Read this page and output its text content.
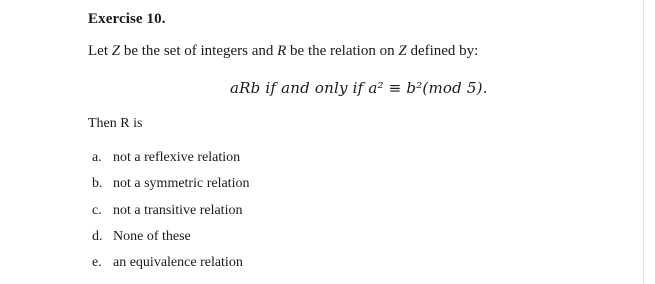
Exercise 10.
Let Z be the set of integers and R be the relation on Z defined by:
aRb if and only if a² ≡ b²(mod 5).
Then R is
a. not a reflexive relation
b. not a symmetric relation
c. not a transitive relation
d. None of these
e. an equivalence relation
